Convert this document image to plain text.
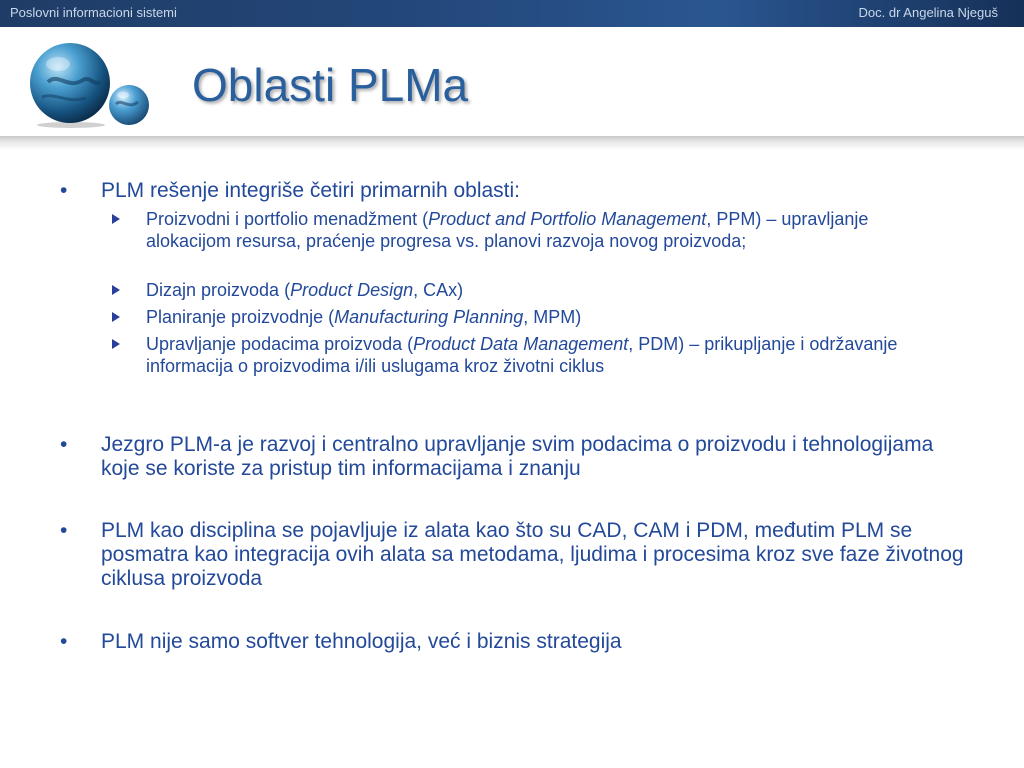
Poslovni informacioni sistemi	Doc. dr Angelina Njeguš
Oblasti PLMa
•	PLM rešenje integriše četiri primarnih oblasti:
Proizvodni i portfolio menadžment (Product and Portfolio Management, PPM) – upravljanje alokacijom resursa, praćenje progresa vs. planovi razvoja novog proizvoda;
Dizajn proizvoda (Product Design, CAx)
Planiranje proizvodnje (Manufacturing Planning, MPM)
Upravljanje podacima proizvoda (Product Data Management, PDM) – prikupljanje i održavanje informacija o proizvodima i/ili uslugama kroz životni ciklus
•	Jezgro PLM-a je razvoj i centralno upravljanje svim podacima o proizvodu i tehnologijama koje se koriste za pristup tim informacijama i znanju
•	PLM kao disciplina se pojavljuje iz alata kao što su CAD, CAM i PDM, međutim PLM se posmatra kao integracija ovih alata sa metodama, ljudima i procesima kroz sve faze životnog ciklusa proizvoda
•	PLM nije samo softver tehnologija, već i biznis strategija
